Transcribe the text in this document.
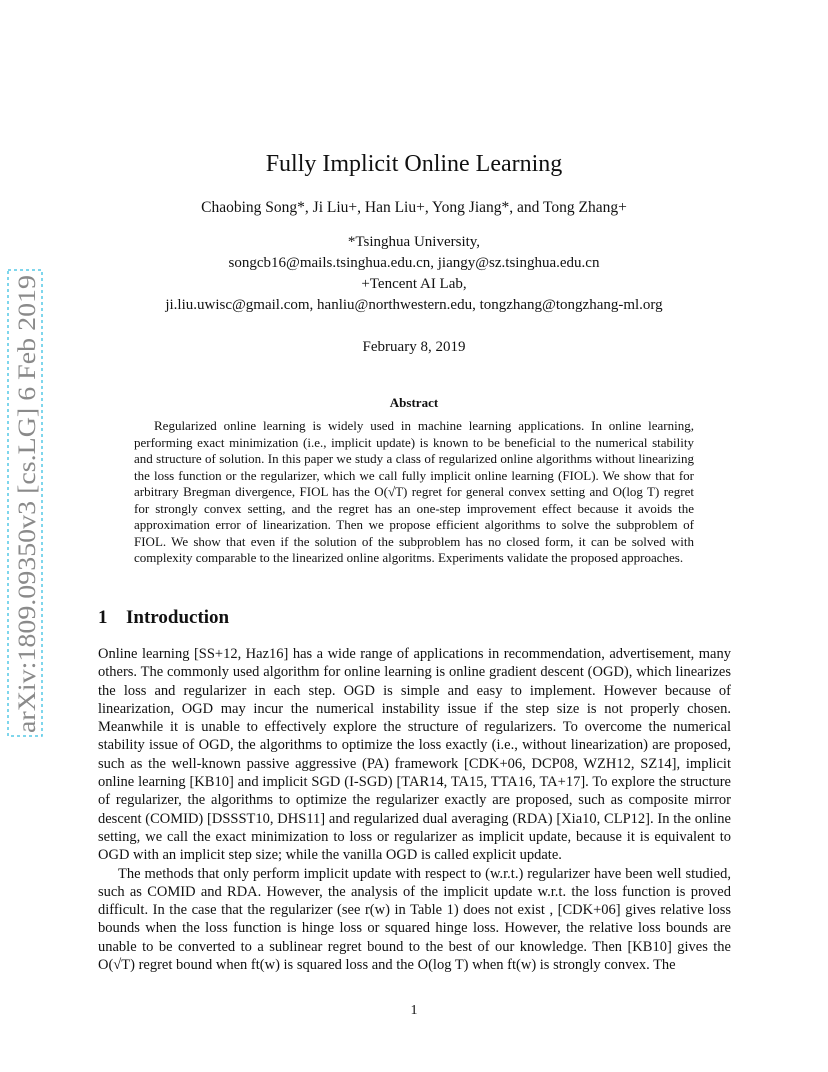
arXiv:1809.09350v3 [cs.LG] 6 Feb 2019
Fully Implicit Online Learning
Chaobing Song*, Ji Liu+, Han Liu+, Yong Jiang*, and Tong Zhang+
*Tsinghua University,
songcb16@mails.tsinghua.edu.cn, jiangy@sz.tsinghua.edu.cn
+Tencent AI Lab,
ji.liu.uwisc@gmail.com, hanliu@northwestern.edu, tongzhang@tongzhang-ml.org
February 8, 2019
Abstract

Regularized online learning is widely used in machine learning applications. In online learning, performing exact minimization (i.e., implicit update) is known to be beneficial to the numerical stability and structure of solution. In this paper we study a class of regularized online algorithms without linearizing the loss function or the regularizer, which we call fully implicit online learning (FIOL). We show that for arbitrary Bregman divergence, FIOL has the O(√T) regret for general convex setting and O(log T) regret for strongly convex setting, and the regret has an one-step improvement effect because it avoids the approximation error of linearization. Then we propose efficient algorithms to solve the subproblem of FIOL. We show that even if the solution of the subproblem has no closed form, it can be solved with complexity comparable to the linearized online algoritms. Experiments validate the proposed approaches.

1 Introduction

Online learning [SS+12, Haz16] has a wide range of applications in recommendation, advertisement, many others. The commonly used algorithm for online learning is online gradient descent (OGD), which linearizes the loss and regularizer in each step. OGD is simple and easy to implement. However because of linearization, OGD may incur the numerical instability issue if the step size is not properly chosen. Meanwhile it is unable to effectively explore the structure of regularizers. To overcome the numerical stability issue of OGD, the algorithms to optimize the loss exactly (i.e., without linearization) are proposed, such as the well-known passive aggressive (PA) framework [CDK+06, DCP08, WZH12, SZ14], implicit online learning [KB10] and implicit SGD (I-SGD) [TAR14, TA15, TTA16, TA+17]. To explore the structure of regularizer, the algorithms to optimize the regularizer exactly are proposed, such as composite mirror descent (COMID) [DSSST10, DHS11] and regularized dual averaging (RDA) [Xia10, CLP12]. In the online setting, we call the exact minimization to loss or regularizer as implicit update, because it is equivalent to OGD with an implicit step size; while the vanilla OGD is called explicit update.

The methods that only perform implicit update with respect to (w.r.t.) regularizer have been well studied, such as COMID and RDA. However, the analysis of the implicit update w.r.t. the loss function is proved difficult. In the case that the regularizer (see r(w) in Table 1) does not exist , [CDK+06] gives relative loss bounds when the loss function is hinge loss or squared hinge loss. However, the relative loss bounds are unable to be converted to a sublinear regret bound to the best of our knowledge. Then [KB10] gives the O(√T) regret bound when ft(w) is squared loss and the O(log T) when ft(w) is strongly convex. The

1
